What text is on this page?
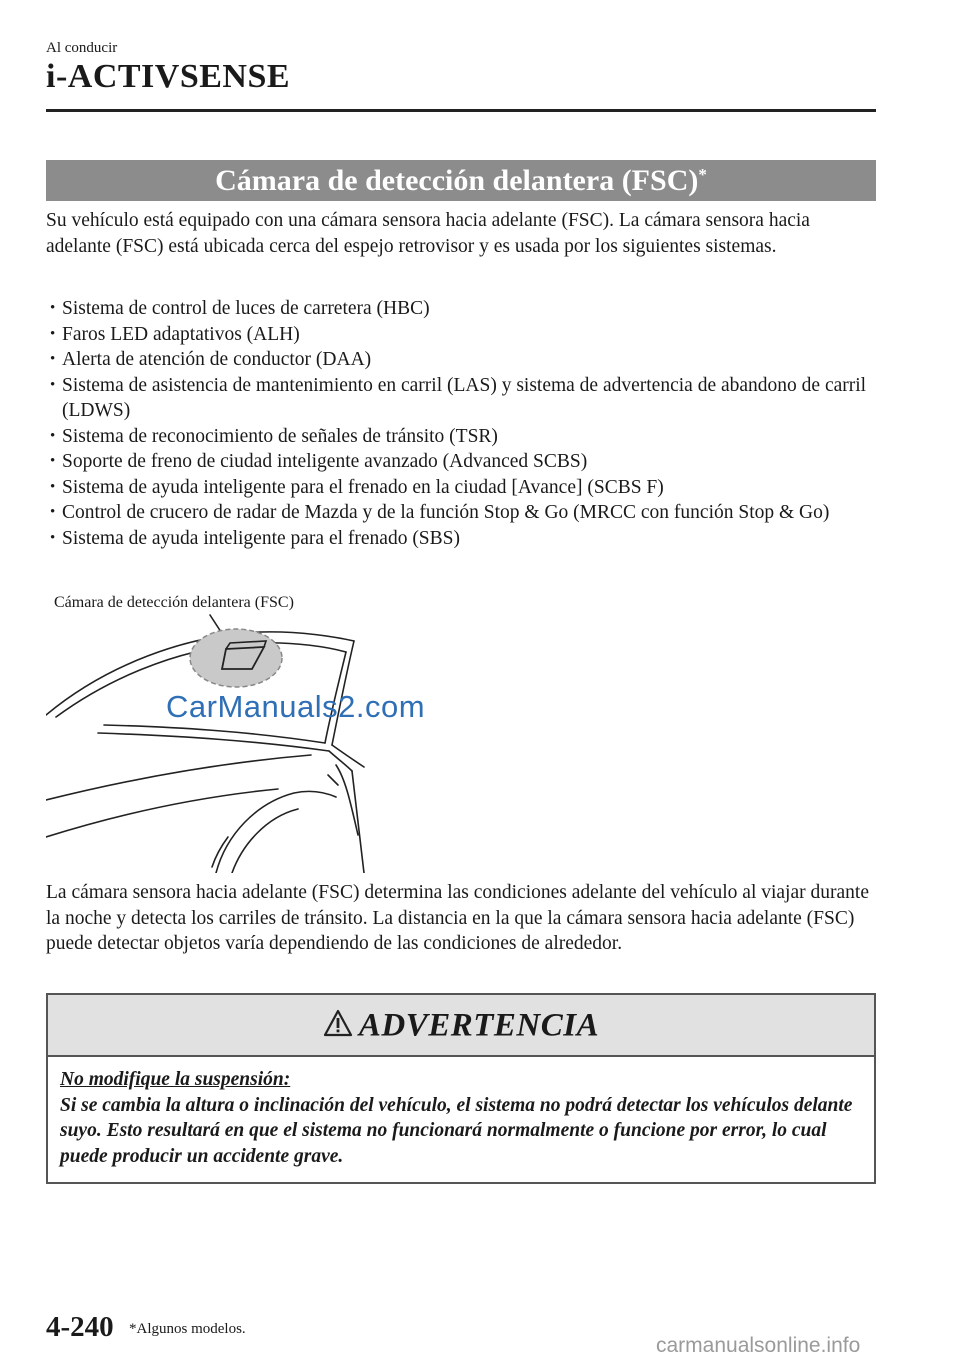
Al conducir
i-ACTIVSENSE
Cámara de detección delantera (FSC)*
Su vehículo está equipado con una cámara sensora hacia adelante (FSC). La cámara sensora hacia adelante (FSC) está ubicada cerca del espejo retrovisor y es usada por los siguientes sistemas.
• Sistema de control de luces de carretera (HBC)
• Faros LED adaptativos (ALH)
• Alerta de atención de conductor (DAA)
• Sistema de asistencia de mantenimiento en carril (LAS) y sistema de advertencia de abandono de carril (LDWS)
• Sistema de reconocimiento de señales de tránsito (TSR)
• Soporte de freno de ciudad inteligente avanzado (Advanced SCBS)
• Sistema de ayuda inteligente para el frenado en la ciudad [Avance] (SCBS F)
• Control de crucero de radar de Mazda y de la función Stop & Go (MRCC con función Stop & Go)
• Sistema de ayuda inteligente para el frenado (SBS)
Cámara de detección delantera (FSC)
CarManuals2.com
La cámara sensora hacia adelante (FSC) determina las condiciones adelante del vehículo al viajar durante la noche y detecta los carriles de tránsito. La distancia en la que la cámara sensora hacia adelante (FSC) puede detectar objetos varía dependiendo de las condiciones de alrededor.
ADVERTENCIA
No modifique la suspensión:
Si se cambia la altura o inclinación del vehículo, el sistema no podrá detectar los vehículos delante suyo. Esto resultará en que el sistema no funcionará normalmente o funcione por error, lo cual puede producir un accidente grave.
4-240 *Algunos modelos.
carmanualsonline.info
